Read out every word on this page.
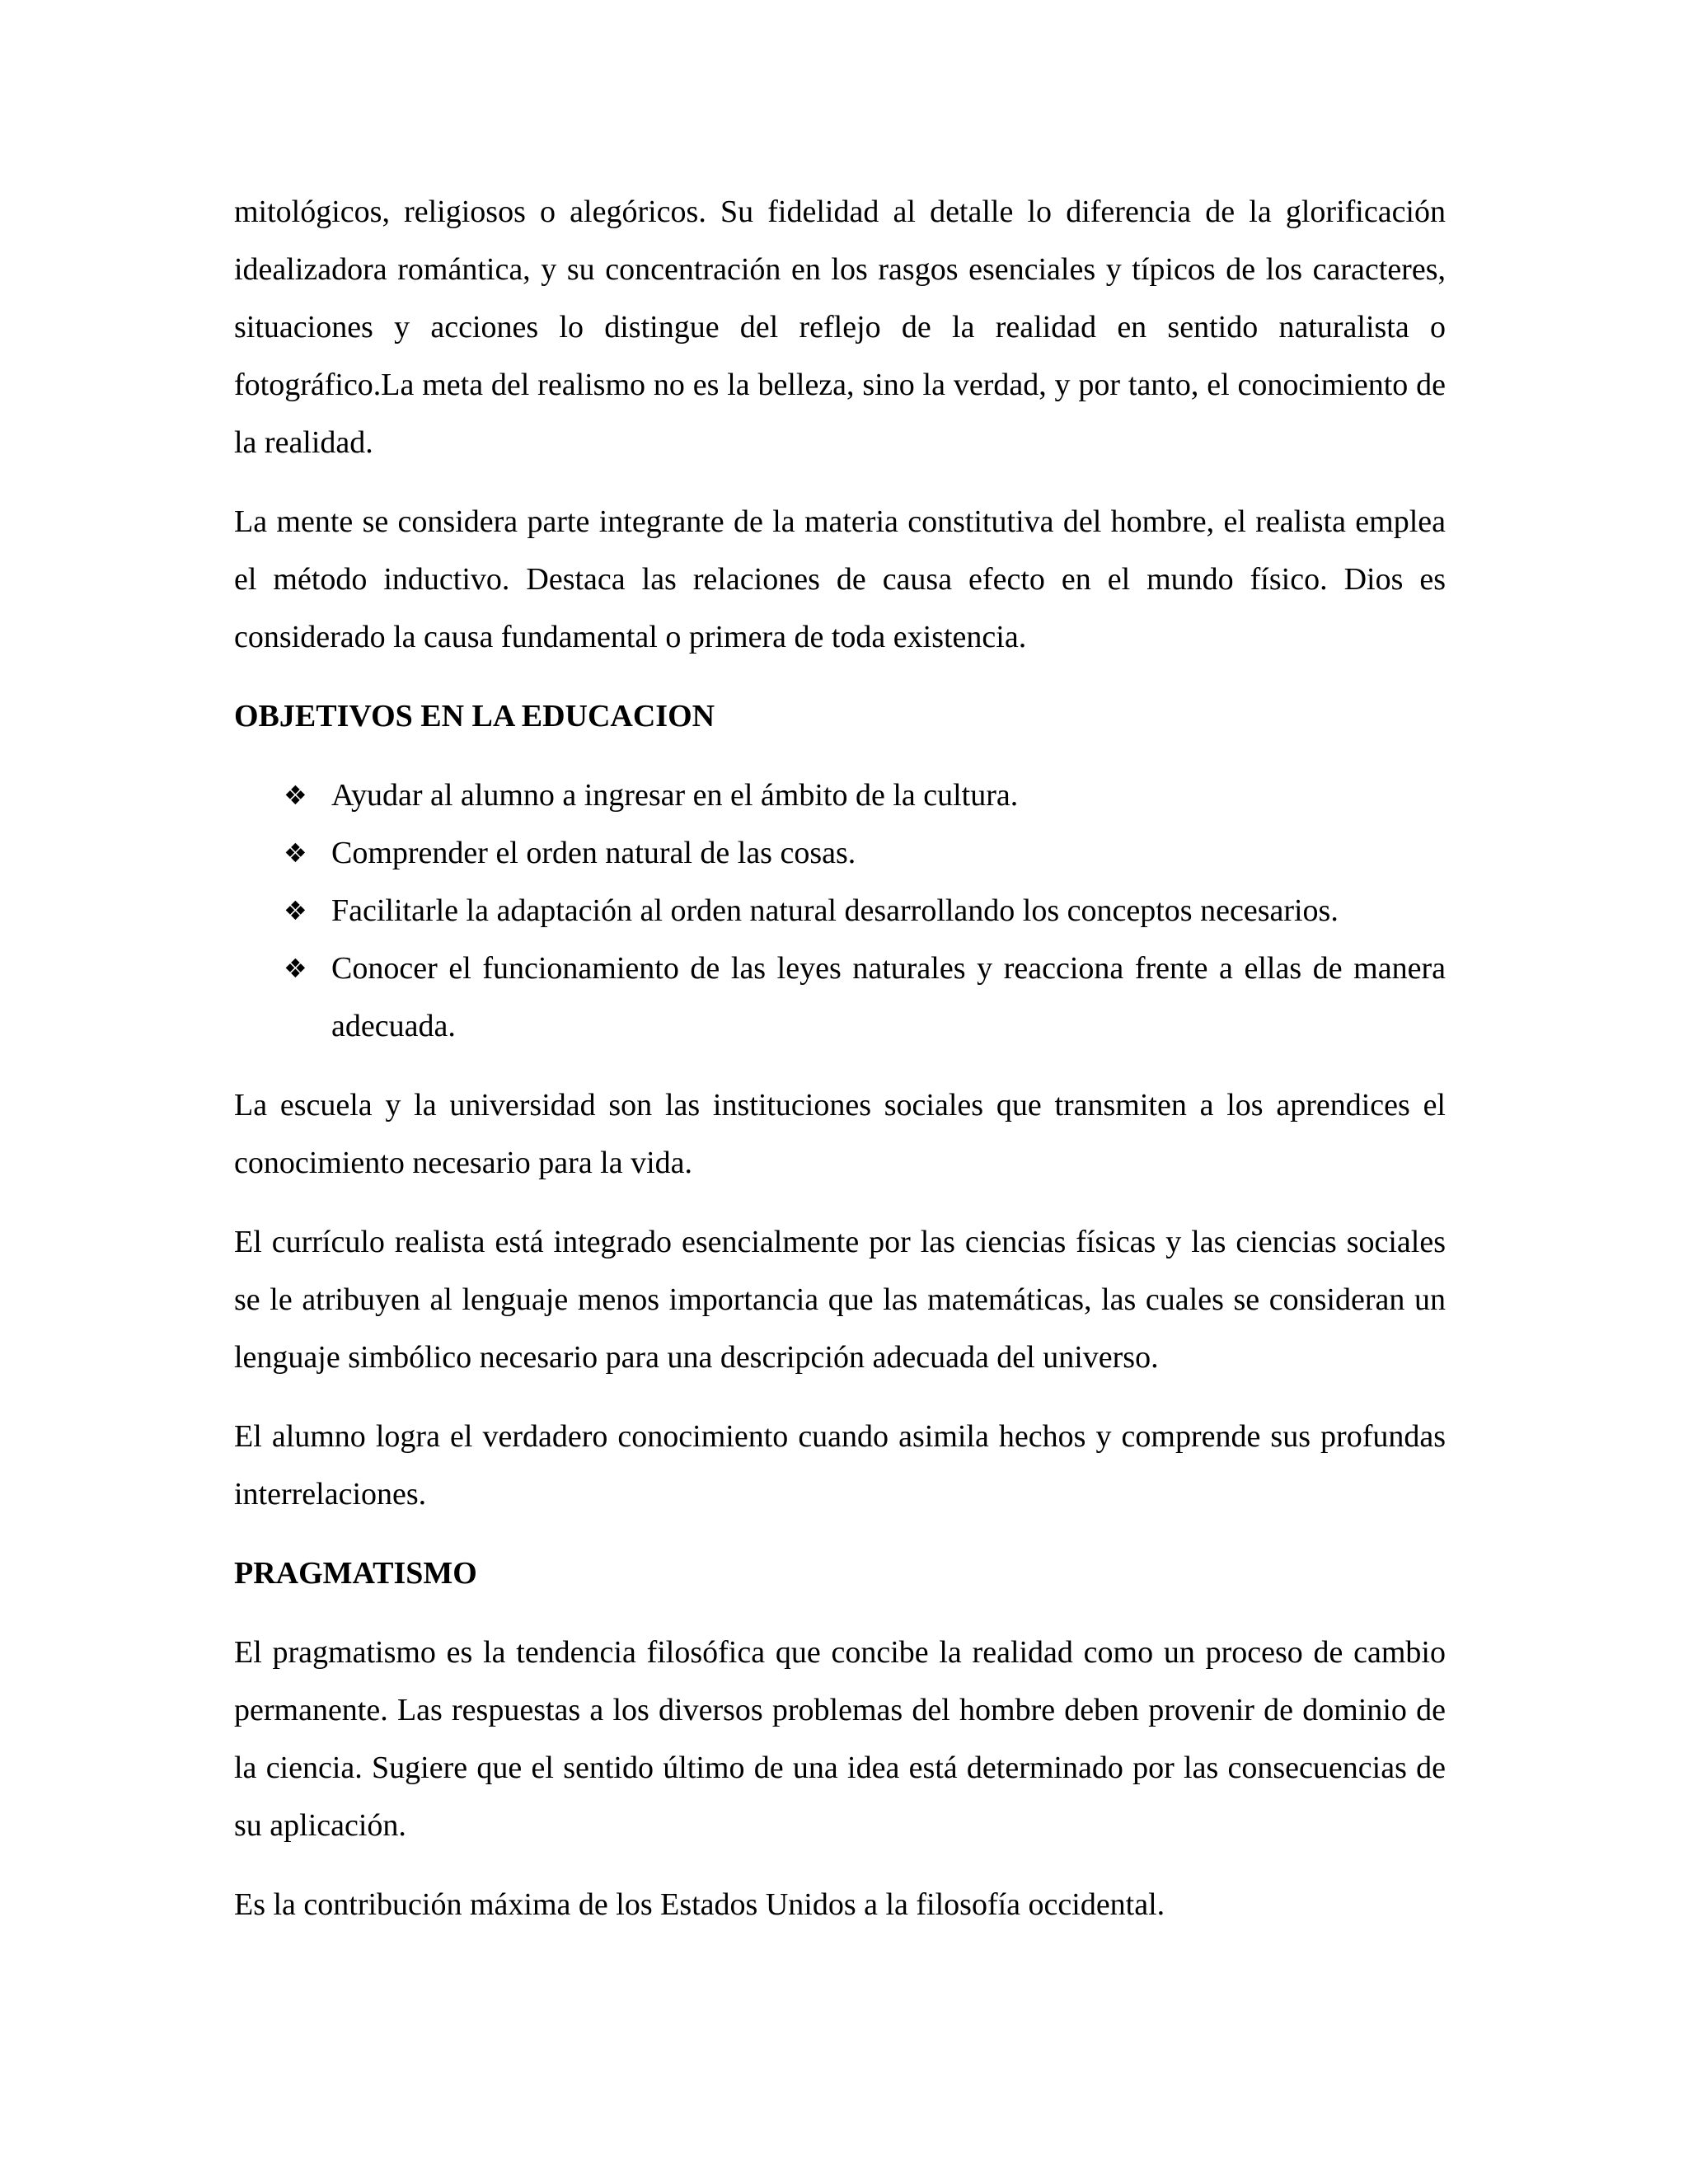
mitológicos, religiosos o alegóricos. Su fidelidad al detalle lo diferencia de la glorificación idealizadora romántica, y su concentración en los rasgos esenciales y típicos de los caracteres, situaciones y acciones lo distingue del reflejo de la realidad en sentido naturalista o fotográfico.La meta del realismo no es la belleza, sino la verdad, y por tanto, el conocimiento de la realidad.

La mente se considera parte integrante de la materia constitutiva del hombre, el realista emplea el método inductivo. Destaca las relaciones de causa efecto en el mundo físico. Dios es considerado la causa fundamental o primera de toda existencia.

OBJETIVOS EN LA EDUCACION

❖ Ayudar al alumno a ingresar en el ámbito de la cultura.
❖ Comprender el orden natural de las cosas.
❖ Facilitarle la adaptación al orden natural desarrollando los conceptos necesarios.
❖ Conocer el funcionamiento de las leyes naturales y reacciona frente a ellas de manera adecuada.

La escuela y la universidad son las instituciones sociales que transmiten a los aprendices el conocimiento necesario para la vida.

El currículo realista está integrado esencialmente por las ciencias físicas y las ciencias sociales se le atribuyen al lenguaje menos importancia que las matemáticas, las cuales se consideran un lenguaje simbólico necesario para una descripción adecuada del universo.

El alumno logra el verdadero conocimiento cuando asimila hechos y comprende sus profundas interrelaciones.

PRAGMATISMO

El pragmatismo es la tendencia filosófica que concibe la realidad como un proceso de cambio permanente. Las respuestas a los diversos problemas del hombre deben provenir de dominio de la ciencia. Sugiere que el sentido último de una idea está determinado por las consecuencias de su aplicación.

Es la contribución máxima de los Estados Unidos a la filosofía occidental.
